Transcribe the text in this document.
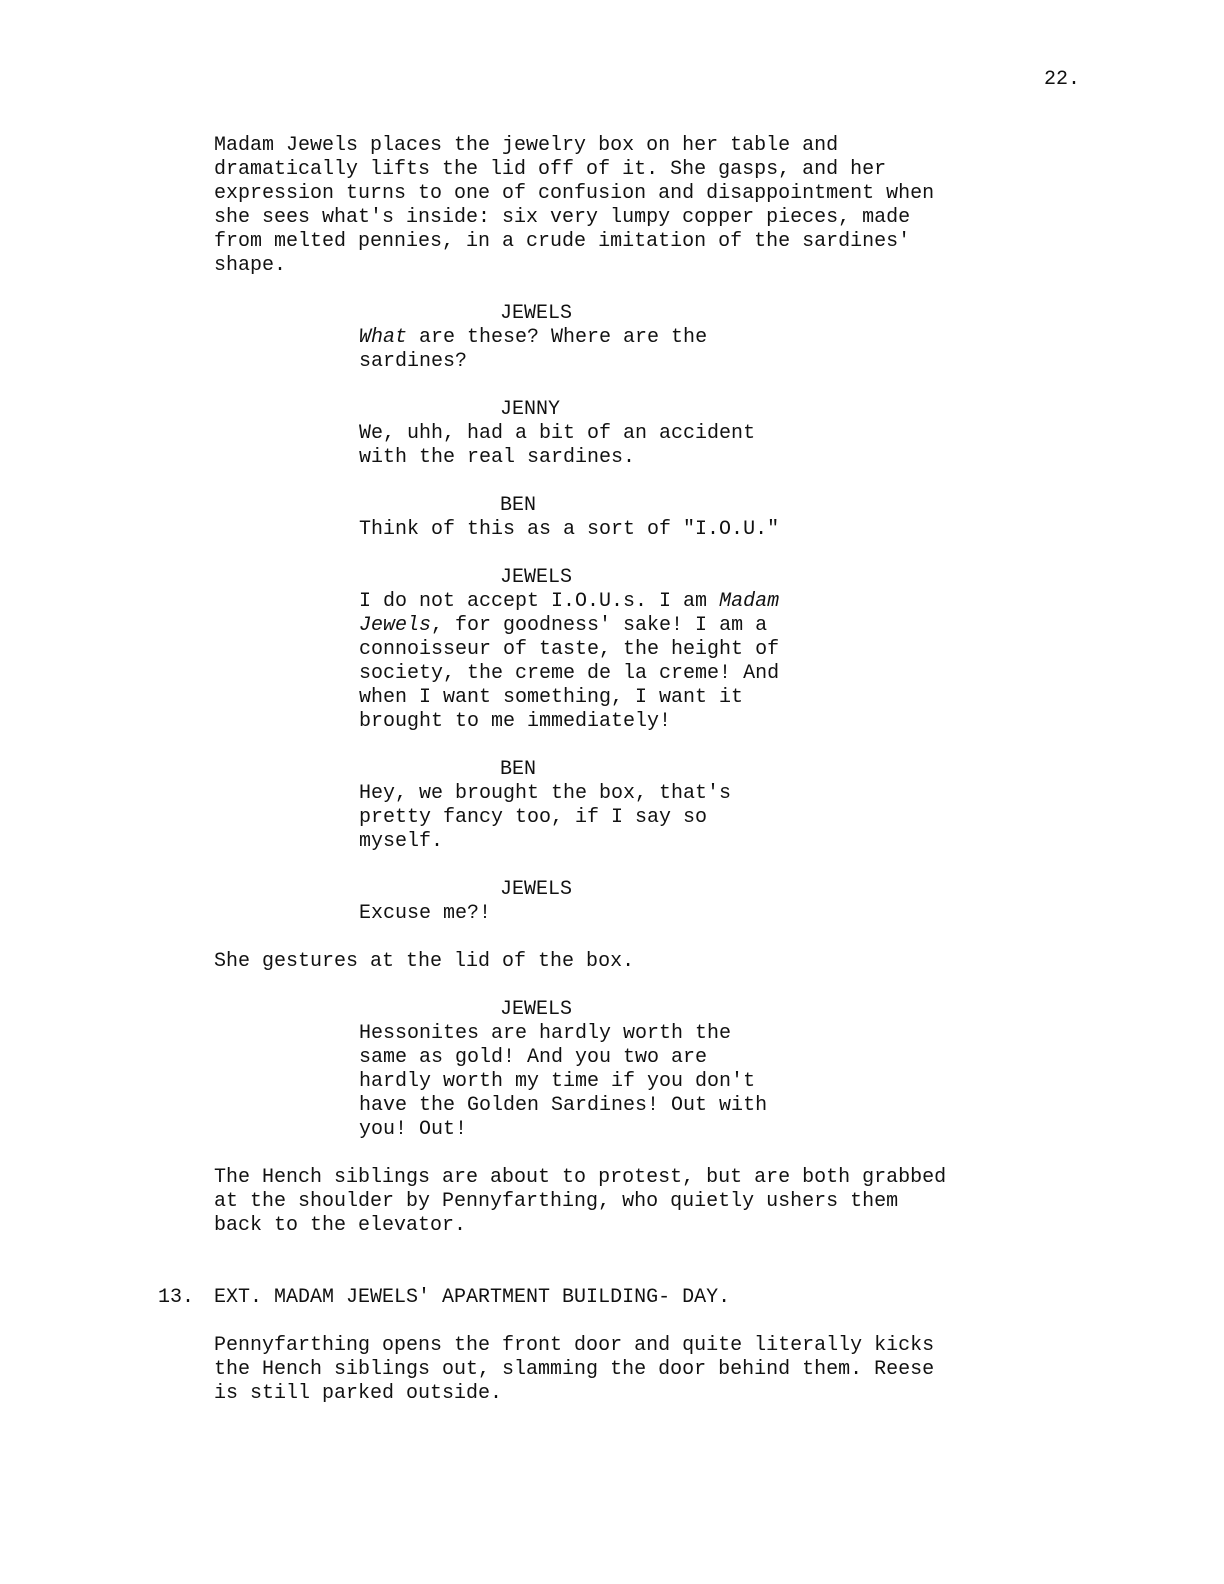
22.

Madam Jewels places the jewelry box on her table and
dramatically lifts the lid off of it. She gasps, and her
expression turns to one of confusion and disappointment when
she sees what's inside: six very lumpy copper pieces, made
from melted pennies, in a crude imitation of the sardines'
shape.

JEWELS

What are these? Where are the
sardines?

JENNY

We, uhh, had a bit of an accident
with the real sardines.

BEN

Think of this as a sort of "I.O.U."

JEWELS

I do not accept I.O.U.s. I am Madam
Jewels, for goodness' sake! I am a
connoisseur of taste, the height of
society, the creme de la creme! And
when I want something, I want it
brought to me immediately!

BEN

Hey, we brought the box, that's
pretty fancy too, if I say so
myself.

JEWELS

Excuse me?!

She gestures at the lid of the box.

JEWELS

Hessonites are hardly worth the
same as gold! And you two are
hardly worth my time if you don't
have the Golden Sardines! Out with
you! Out!

The Hench siblings are about to protest, but are both grabbed
at the shoulder by Pennyfarthing, who quietly ushers them
back to the elevator.

13. EXT. MADAM JEWELS' APARTMENT BUILDING- DAY.

Pennyfarthing opens the front door and quite literally kicks
the Hench siblings out, slamming the door behind them. Reese
is still parked outside.
